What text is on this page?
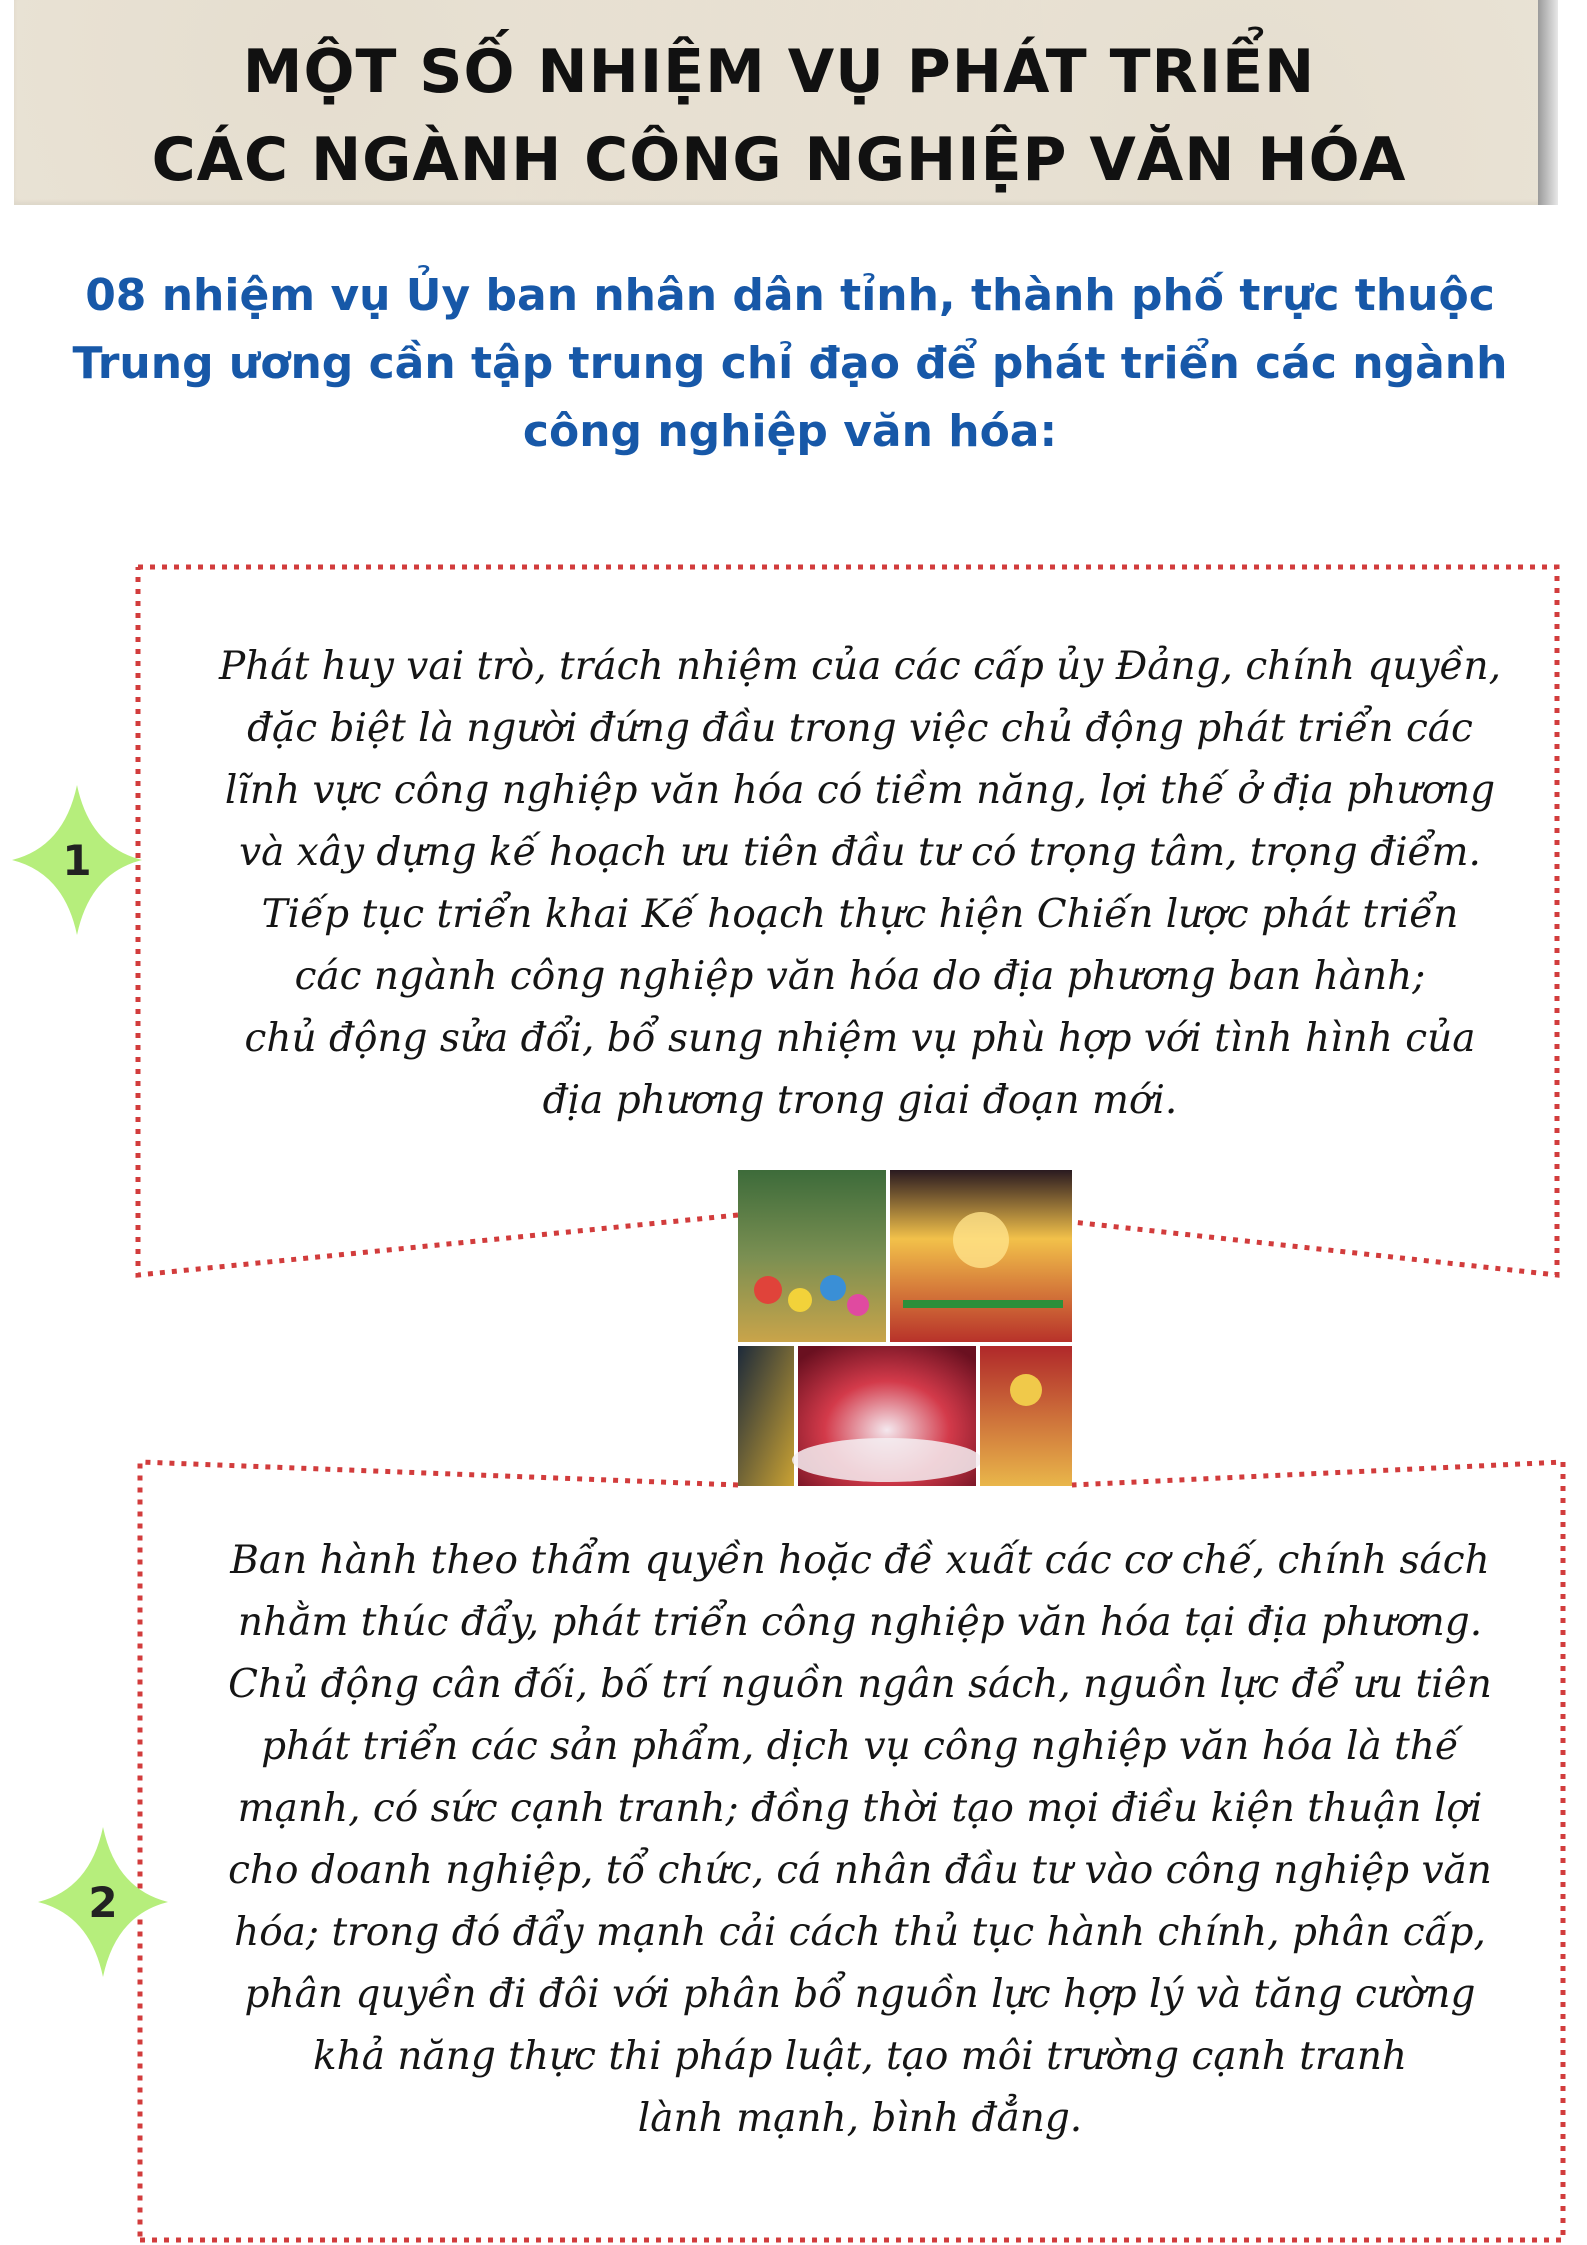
MỘT SỐ NHIỆM VỤ PHÁT TRIỂN
CÁC NGÀNH CÔNG NGHIỆP VĂN HÓA
08 nhiệm vụ Ủy ban nhân dân tỉnh, thành phố trực thuộc
Trung ương cần tập trung chỉ đạo để phát triển các ngành
công nghiệp văn hóa:
Phát huy vai trò, trách nhiệm của các cấp ủy Đảng, chính quyền,
đặc biệt là người đứng đầu trong việc chủ động phát triển các
lĩnh vực công nghiệp văn hóa có tiềm năng, lợi thế ở địa phương
và xây dựng kế hoạch ưu tiên đầu tư có trọng tâm, trọng điểm.
Tiếp tục triển khai Kế hoạch thực hiện Chiến lược phát triển
các ngành công nghiệp văn hóa do địa phương ban hành;
chủ động sửa đổi, bổ sung nhiệm vụ phù hợp với tình hình của
địa phương trong giai đoạn mới.
1
Ban hành theo thẩm quyền hoặc đề xuất các cơ chế, chính sách
nhằm thúc đẩy, phát triển công nghiệp văn hóa tại địa phương.
Chủ động cân đối, bố trí nguồn ngân sách, nguồn lực để ưu tiên
phát triển các sản phẩm, dịch vụ công nghiệp văn hóa là thế
mạnh, có sức cạnh tranh; đồng thời tạo mọi điều kiện thuận lợi
cho doanh nghiệp, tổ chức, cá nhân đầu tư vào công nghiệp văn
hóa; trong đó đẩy mạnh cải cách thủ tục hành chính, phân cấp,
phân quyền đi đôi với phân bổ nguồn lực hợp lý và tăng cường
khả năng thực thi pháp luật, tạo môi trường cạnh tranh
lành mạnh, bình đẳng.
2
